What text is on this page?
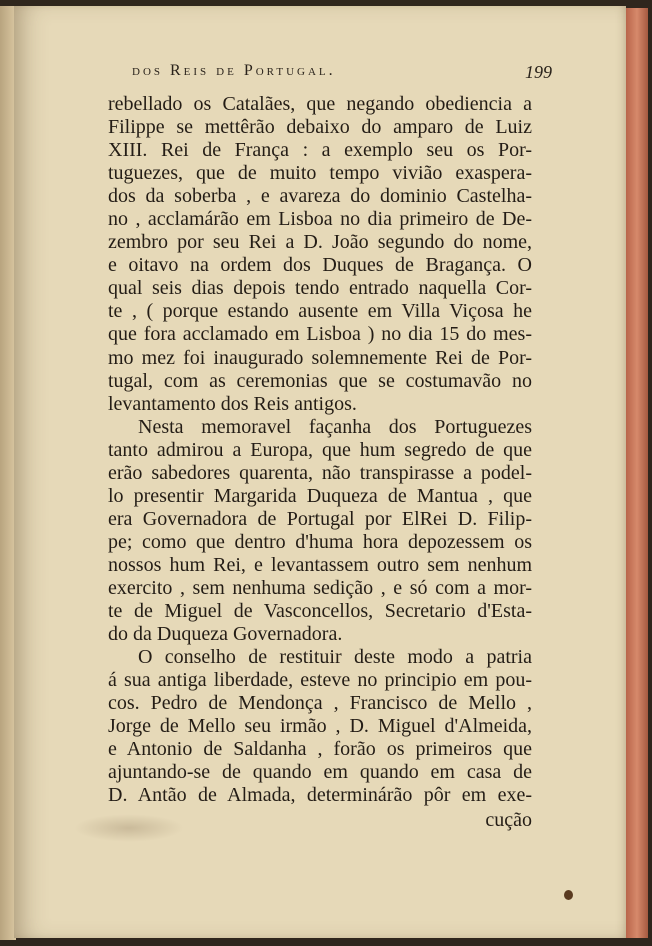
dos Reis de Portugal.	199
rebellado os Catalães, que negando obediencia a
Filippe se mettêrão debaixo do amparo de Luiz
XIII. Rei de França : a exemplo seu os Por-
tuguezes, que de muito tempo vivião exasperа-
dos da soberba , e avareza do dominio Castelha-
no , acclamárão em Lisboa no dia primeiro de De-
zembro por seu Rei a D. João segundo do nome,
e oitavo na ordem dos Duques de Bragança. O
qual seis dias depois tendo entrado naquella Cor-
te , ( porque estando ausente em Villa Viçosa he
que fora acclamado em Lisboa ) no dia 15 do mes-
mo mez foi inaugurado solemnemente Rei de Por-
tugal, com as ceremonias que se costumavão no
levantamento dos Reis antigos.
Nesta memoravel façanha dos Portuguezes
tanto admirou a Europa, que hum segredo de que
erão sabedores quarenta, não transpirasse a podel-
lo presentir Margarida Duqueza de Mantua , que
era Governadora de Portugal por ElRei D. Filip-
pe; como que dentro d'huma hora depozessem os
nossos hum Rei, e levantassem outro sem nenhum
exercito , sem nenhuma sedição , e só com a mor-
te de Miguel de Vasconcellos, Secretario d'Esta-
do da Duqueza Governadora.
O conselho de restituir deste modo a patria
á sua antiga liberdade, esteve no principio em pou-
cos. Pedro de Mendonça , Francisco de Mello ,
Jorge de Mello seu irmão , D. Miguel d'Almeida,
e Antonio de Saldanha , forão os primeiros que
ajuntando-se de quando em quando em casa de
D. Antão de Almada, determinárão pôr em exe-
cução
